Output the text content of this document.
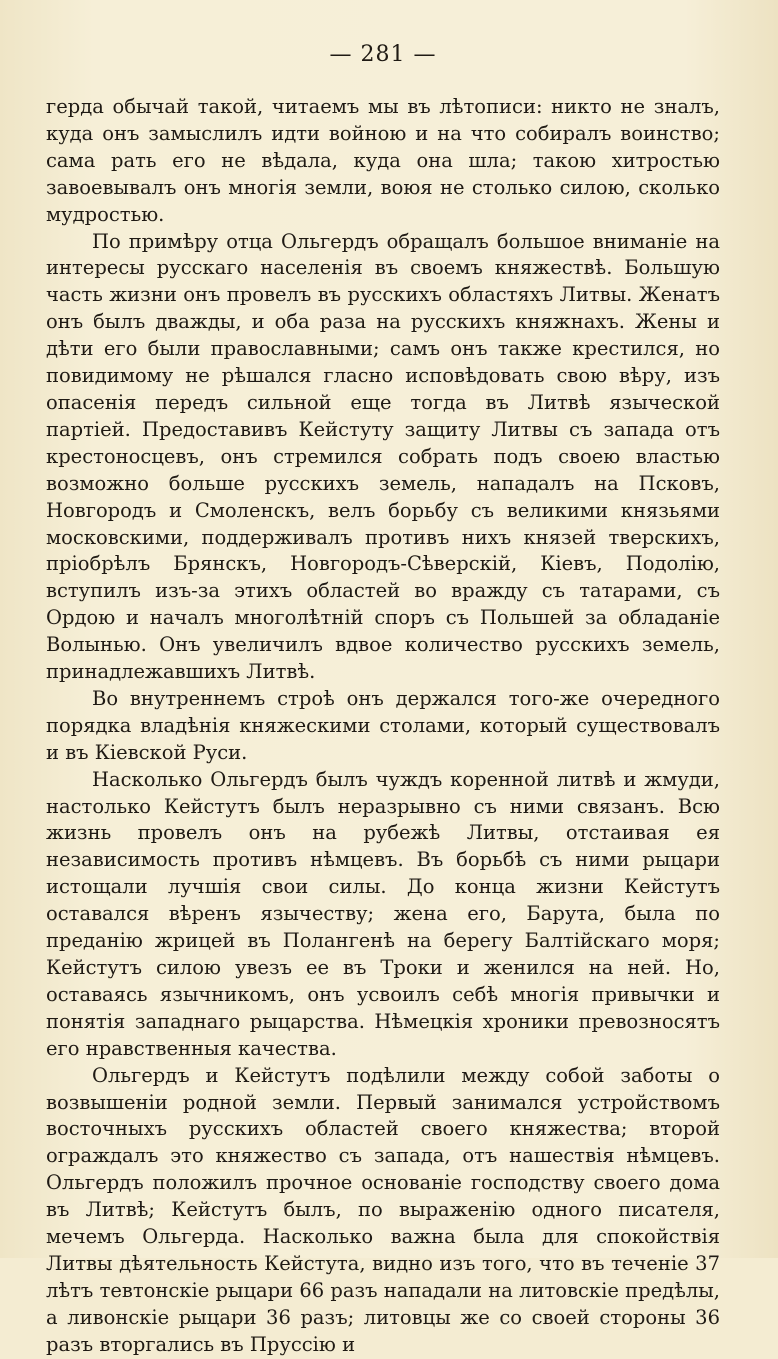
— 281 —

герда обычай такой, читаемъ мы въ лѣтописи: никто не зналъ, куда онъ замыслилъ идти войною и на что собиралъ воинство; сама рать его не вѣдала, куда она шла; такою хитростью завоевывалъ онъ многія земли, воюя не столько силою, сколько мудростью.

По примѣру отца Ольгердъ обращалъ большое вниманіе на интересы русскаго населенія въ своемъ княжествѣ. Большую часть жизни онъ провелъ въ русскихъ областяхъ Литвы. Женатъ онъ былъ дважды, и оба раза на русскихъ княжнахъ. Жены и дѣти его были православными; самъ онъ также крестился, но повидимому не рѣшался гласно исповѣдовать свою вѣру, изъ опасенія передъ сильной еще тогда въ Литвѣ языческой партіей. Предоставивъ Кейстуту защиту Литвы съ запада отъ крестоносцевъ, онъ стремился собрать подъ своею властью возможно больше русскихъ земель, нападалъ на Псковъ, Новгородъ и Смоленскъ, велъ борьбу съ великими князьями московскими, поддерживалъ противъ нихъ князей тверскихъ, пріобрѣлъ Брянскъ, Новгородъ-Сѣверскій, Кіевъ, Подолію, вступилъ изъ-за этихъ областей во вражду съ татарами, съ Ордою и началъ многолѣтній споръ съ Польшей за обладаніе Волынью. Онъ увеличилъ вдвое количество русскихъ земель, принадлежавшихъ Литвѣ.

Во внутреннемъ строѣ онъ держался того-же очередного порядка владѣнія княжескими столами, который существовалъ и въ Кіевской Руси.

Насколько Ольгердъ былъ чуждъ коренной литвѣ и жмуди, настолько Кейстутъ былъ неразрывно съ ними связанъ. Всю жизнь провелъ онъ на рубежѣ Литвы, отстаивая ея независимость противъ нѣмцевъ. Въ борьбѣ съ ними рыцари истощали лучшія свои силы. До конца жизни Кейстутъ оставался вѣренъ язычеству; жена его, Барута, была по преданію жрицей въ Полангенѣ на берегу Балтійскаго моря; Кейстутъ силою увезъ ее въ Троки и женился на ней. Но, оставаясь язычникомъ, онъ усвоилъ себѣ многія привычки и понятія западнаго рыцарства. Нѣмецкія хроники превозносятъ его нравственныя качества.

Ольгердъ и Кейстутъ подѣлили между собой заботы о возвышеніи родной земли. Первый занимался устройствомъ восточныхъ русскихъ областей своего княжества; второй ограждалъ это княжество съ запада, отъ нашествія нѣмцевъ. Ольгердъ положилъ прочное основаніе господству своего дома въ Литвѣ; Кейстутъ былъ, по выраженію одного писателя, мечемъ Ольгерда. Насколько важна была для спокойствія Литвы дѣятельность Кейстута, видно изъ того, что въ теченіе 37 лѣтъ тевтонскіе рыцари 66 разъ нападали на литовскіе предѣлы, а ливонскіе рыцари 36 разъ; литовцы же со своей стороны 36 разъ вторгались въ Пруссію и
